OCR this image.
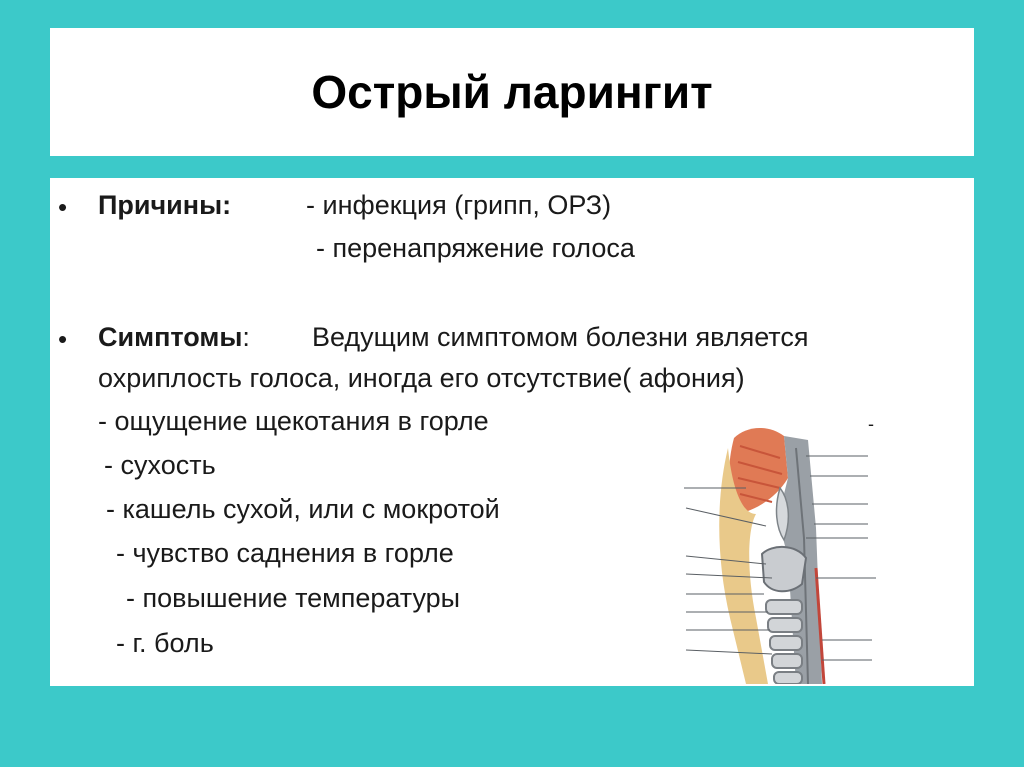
Острый ларингит
• Причины:	- инфекция (грипп, ОРЗ)
- перенапряжение голоса
• Симптомы: Ведущим симптомом болезни является
охриплость голоса, иногда его отсутствие( афония)
- ощущение щекотания в горле
- сухость
- кашель сухой, или с мокротой
- чувство саднения в горле
- повышение температуры
- г. боль
-
